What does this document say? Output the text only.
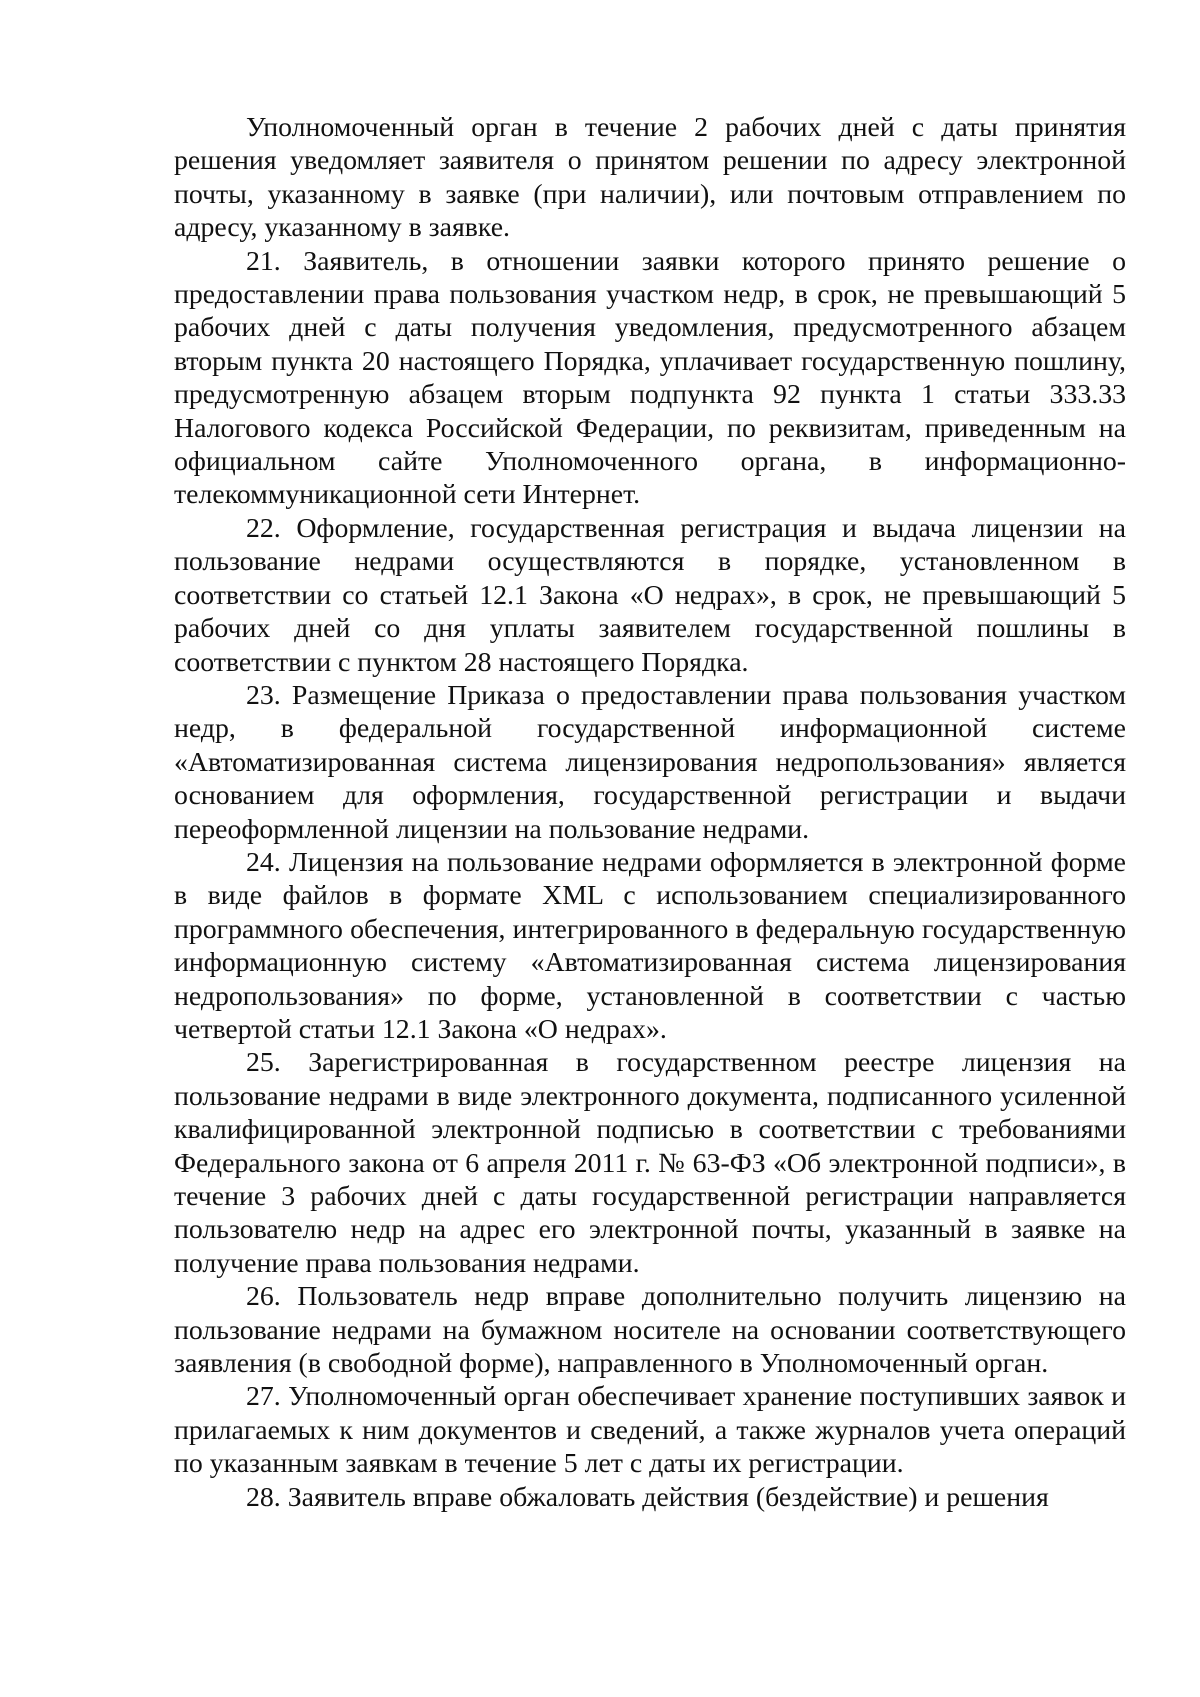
Уполномоченный орган в течение 2 рабочих дней с даты принятия решения уведомляет заявителя о принятом решении по адресу электронной почты, указанному в заявке (при наличии), или почтовым отправлением по адресу, указанному в заявке.

21. Заявитель, в отношении заявки которого принято решение о предоставлении права пользования участком недр, в срок, не превышающий 5 рабочих дней с даты получения уведомления, предусмотренного абзацем вторым пункта 20 настоящего Порядка, уплачивает государственную пошлину, предусмотренную абзацем вторым подпункта 92 пункта 1 статьи 333.33 Налогового кодекса Российской Федерации, по реквизитам, приведенным на официальном сайте Уполномоченного органа, в информационно-телекоммуникационной сети Интернет.

22. Оформление, государственная регистрация и выдача лицензии на пользование недрами осуществляются в порядке, установленном в соответствии со статьей 12.1 Закона «О недрах», в срок, не превышающий 5 рабочих дней со дня уплаты заявителем государственной пошлины в соответствии с пунктом 28 настоящего Порядка.

23. Размещение Приказа о предоставлении права пользования участком недр, в федеральной государственной информационной системе «Автоматизированная система лицензирования недропользования» является основанием для оформления, государственной регистрации и выдачи переоформленной лицензии на пользование недрами.

24. Лицензия на пользование недрами оформляется в электронной форме в виде файлов в формате XML с использованием специализированного программного обеспечения, интегрированного в федеральную государственную информационную систему «Автоматизированная система лицензирования недропользования» по форме, установленной в соответствии с частью четвертой статьи 12.1 Закона «О недрах».

25. Зарегистрированная в государственном реестре лицензия на пользование недрами в виде электронного документа, подписанного усиленной квалифицированной электронной подписью в соответствии с требованиями Федерального закона от 6 апреля 2011 г. № 63-ФЗ «Об электронной подписи», в течение 3 рабочих дней с даты государственной регистрации направляется пользователю недр на адрес его электронной почты, указанный в заявке на получение права пользования недрами.

26. Пользователь недр вправе дополнительно получить лицензию на пользование недрами на бумажном носителе на основании соответствующего заявления (в свободной форме), направленного в Уполномоченный орган.

27. Уполномоченный орган обеспечивает хранение поступивших заявок и прилагаемых к ним документов и сведений, а также журналов учета операций по указанным заявкам в течение 5 лет с даты их регистрации.

28. Заявитель вправе обжаловать действия (бездействие) и решения
